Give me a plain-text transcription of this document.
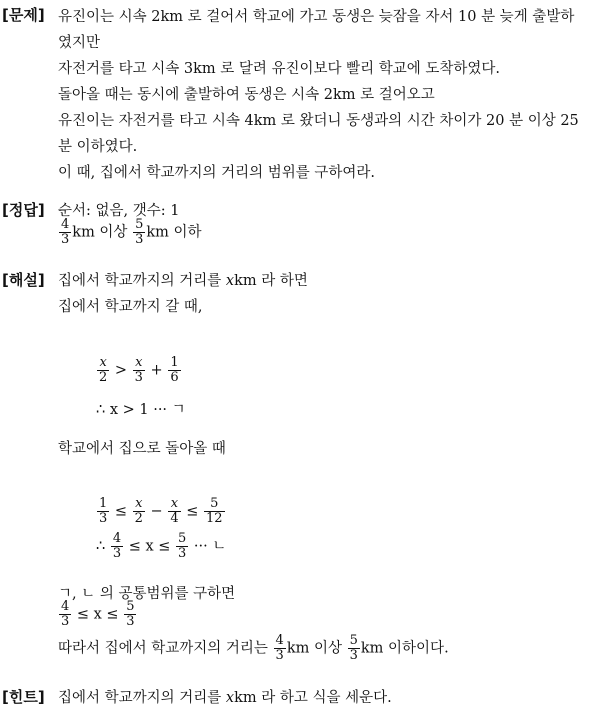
[문제] 유진이는 시속 2km 로 걸어서 학교에 가고 동생은 늦잠을 자서 10 분 늦게 출발하
였지만
자전거를 타고 시속 3km 로 달려 유진이보다 빨리 학교에 도착하였다.
돌아올 때는 동시에 출발하여 동생은 시속 2km 로 걸어오고
유진이는 자전거를 타고 시속 4km 로 왔더니 동생과의 시간 차이가 20 분 이상 25
분 이하였다.
이 때, 집에서 학교까지의 거리의 범위를 구하여라.
[정답] 순서: 없음, 갯수: 1
$\frac{4}{3}$ km 이상 $\frac{5}{3}$ km 이하
[해설] 집에서 학교까지의 거리를 xkm 라 하면
집에서 학교까지 갈 때,
$\frac{x}{2} > \frac{x}{3} + \frac{1}{6}$
∴ x > 1 ··· ㄱ
학교에서 집으로 돌아올 때
$\frac{1}{3} \le \frac{x}{2} - \frac{x}{4} \le \frac{5}{12}$
∴ $\frac{4}{3} \le x \le \frac{5}{3}$ ··· ㄴ
ㄱ, ㄴ 의 공통범위를 구하면
$\frac{4}{3} \le x \le \frac{5}{3}$
따라서 집에서 학교까지의 거리는 $\frac{4}{3}$ km 이상 $\frac{5}{3}$ km 이하이다.
[힌트] 집에서 학교까지의 거리를 xkm 라 하고 식을 세운다.
